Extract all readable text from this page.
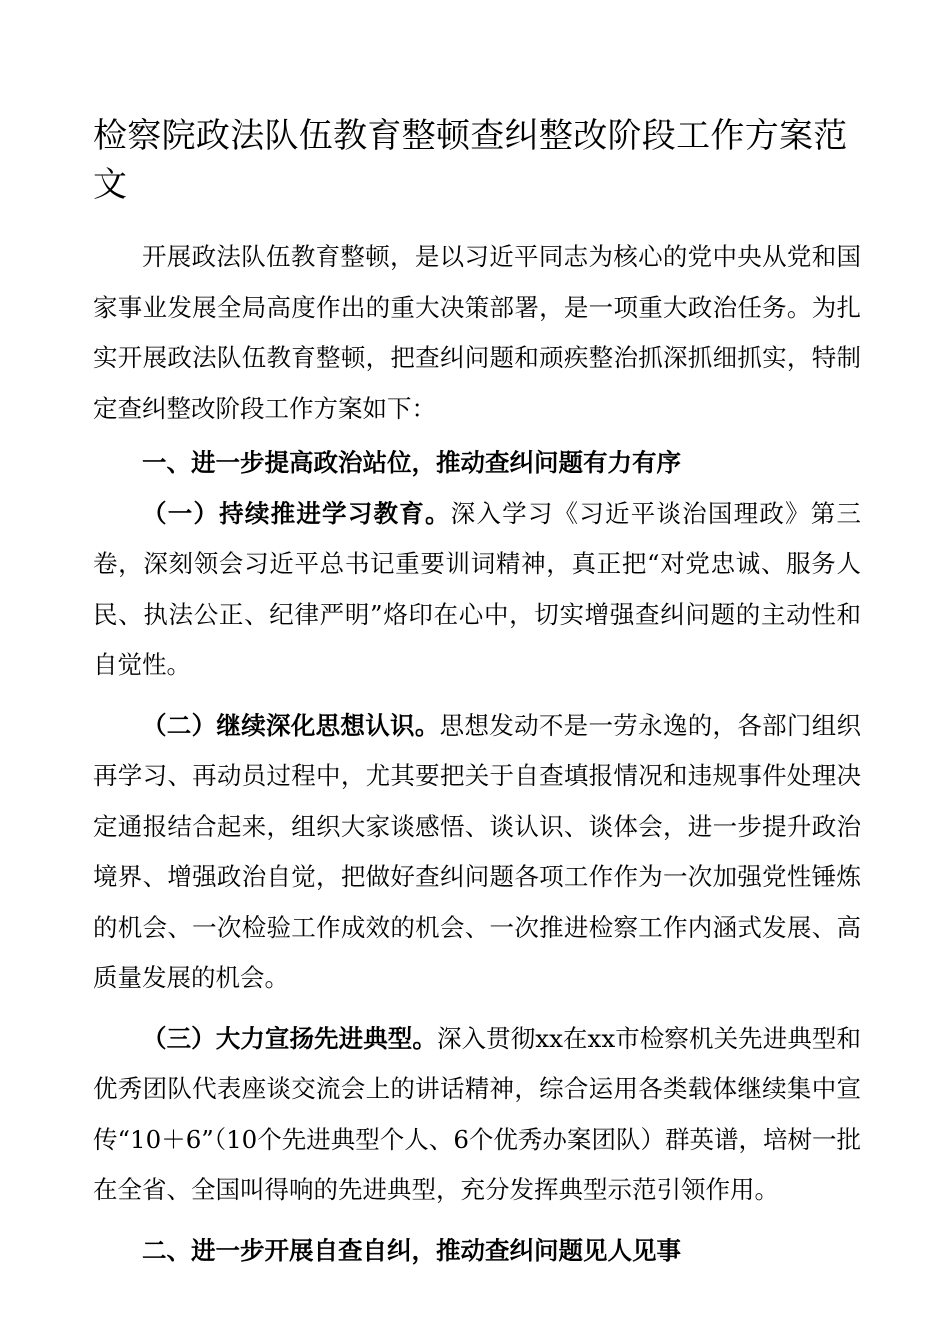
检察院政法队伍教育整顿查纠整改阶段工作方案范文

开展政法队伍教育整顿，是以习近平同志为核心的党中央从党和国家事业发展全局高度作出的重大决策部署，是一项重大政治任务。为扎实开展政法队伍教育整顿，把查纠问题和顽疾整治抓深抓细抓实，特制定查纠整改阶段工作方案如下：

一、进一步提高政治站位，推动查纠问题有力有序

（一）持续推进学习教育。深入学习《习近平谈治国理政》第三卷，深刻领会习近平总书记重要训词精神，真正把“对党忠诚、服务人民、执法公正、纪律严明”烙印在心中，切实增强查纠问题的主动性和自觉性。

（二）继续深化思想认识。思想发动不是一劳永逸的，各部门组织再学习、再动员过程中，尤其要把关于自查填报情况和违规事件处理决定通报结合起来，组织大家谈感悟、谈认识、谈体会，进一步提升政治境界、增强政治自觉，把做好查纠问题各项工作作为一次加强党性锤炼的机会、一次检验工作成效的机会、一次推进检察工作内涵式发展、高质量发展的机会。

（三）大力宣扬先进典型。深入贯彻xx在xx市检察机关先进典型和优秀团队代表座谈交流会上的讲话精神，综合运用各类载体继续集中宣传“10＋6”（10个先进典型个人、6个优秀办案团队）群英谱，培树一批在全省、全国叫得响的先进典型，充分发挥典型示范引领作用。

二、进一步开展自查自纠，推动查纠问题见人见事
